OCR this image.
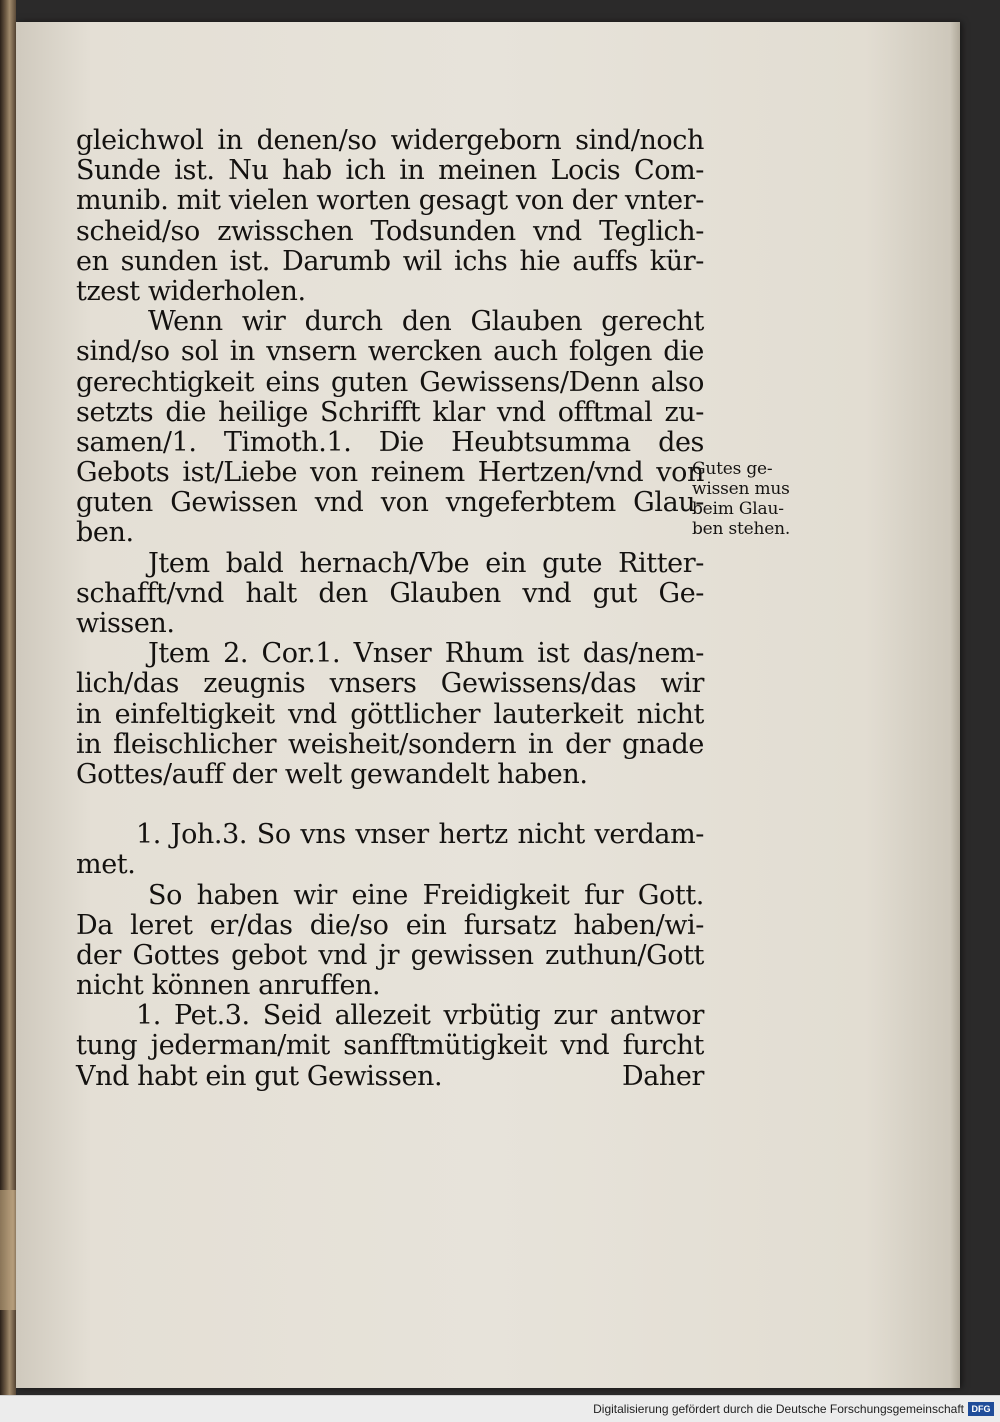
gleichwol in denen/so widergeborn sind/noch
Sunde ist. Nu hab ich in meinen Locis Com-
munib. mit vielen worten gesagt von der vnter-
scheid/so zwisschen Todsunden vnd Teglich-
en sunden ist. Darumb wil ichs hie auffs kür-
tzest widerholen.
Wenn wir durch den Glauben gerecht
sind/so sol in vnsern wercken auch folgen die
gerechtigkeit eins guten Gewissens/Denn also
setzts die heilige Schrifft klar vnd offtmal zu-
samen/1. Timoth.1. Die Heubtsumma des
Gebots ist/Liebe von reinem Hertzen/vnd von
guten Gewissen vnd von vngeferbtem Glau-
ben.
Jtem bald hernach/Vbe ein gute Ritter-
schafft/vnd halt den Glauben vnd gut Ge-
wissen.
Jtem 2. Cor.1. Vnser Rhum ist das/nem-
lich/das zeugnis vnsers Gewissens/das wir
in einfeltigkeit vnd göttlicher lauterkeit nicht
in fleischlicher weisheit/sondern in der gnade
Gottes/auff der welt gewandelt haben.
1. Joh.3. So vns vnser hertz nicht verdam-
met.
So haben wir eine Freidigkeit fur Gott.
Da leret er/das die/so ein fursatz haben/wi-
der Gottes gebot vnd jr gewissen zuthun/Gott
nicht können anruffen.
1. Pet.3. Seid allezeit vrbütig zur antwor
tung jederman/mit sanfftmütigkeit vnd furcht
Vnd habt ein gut Gewissen.	Daher
Gutes ge-
wissen mus
beim Glau-
ben stehen.
Digitalisierung gefördert durch die Deutsche Forschungsgemeinschaft DFG
